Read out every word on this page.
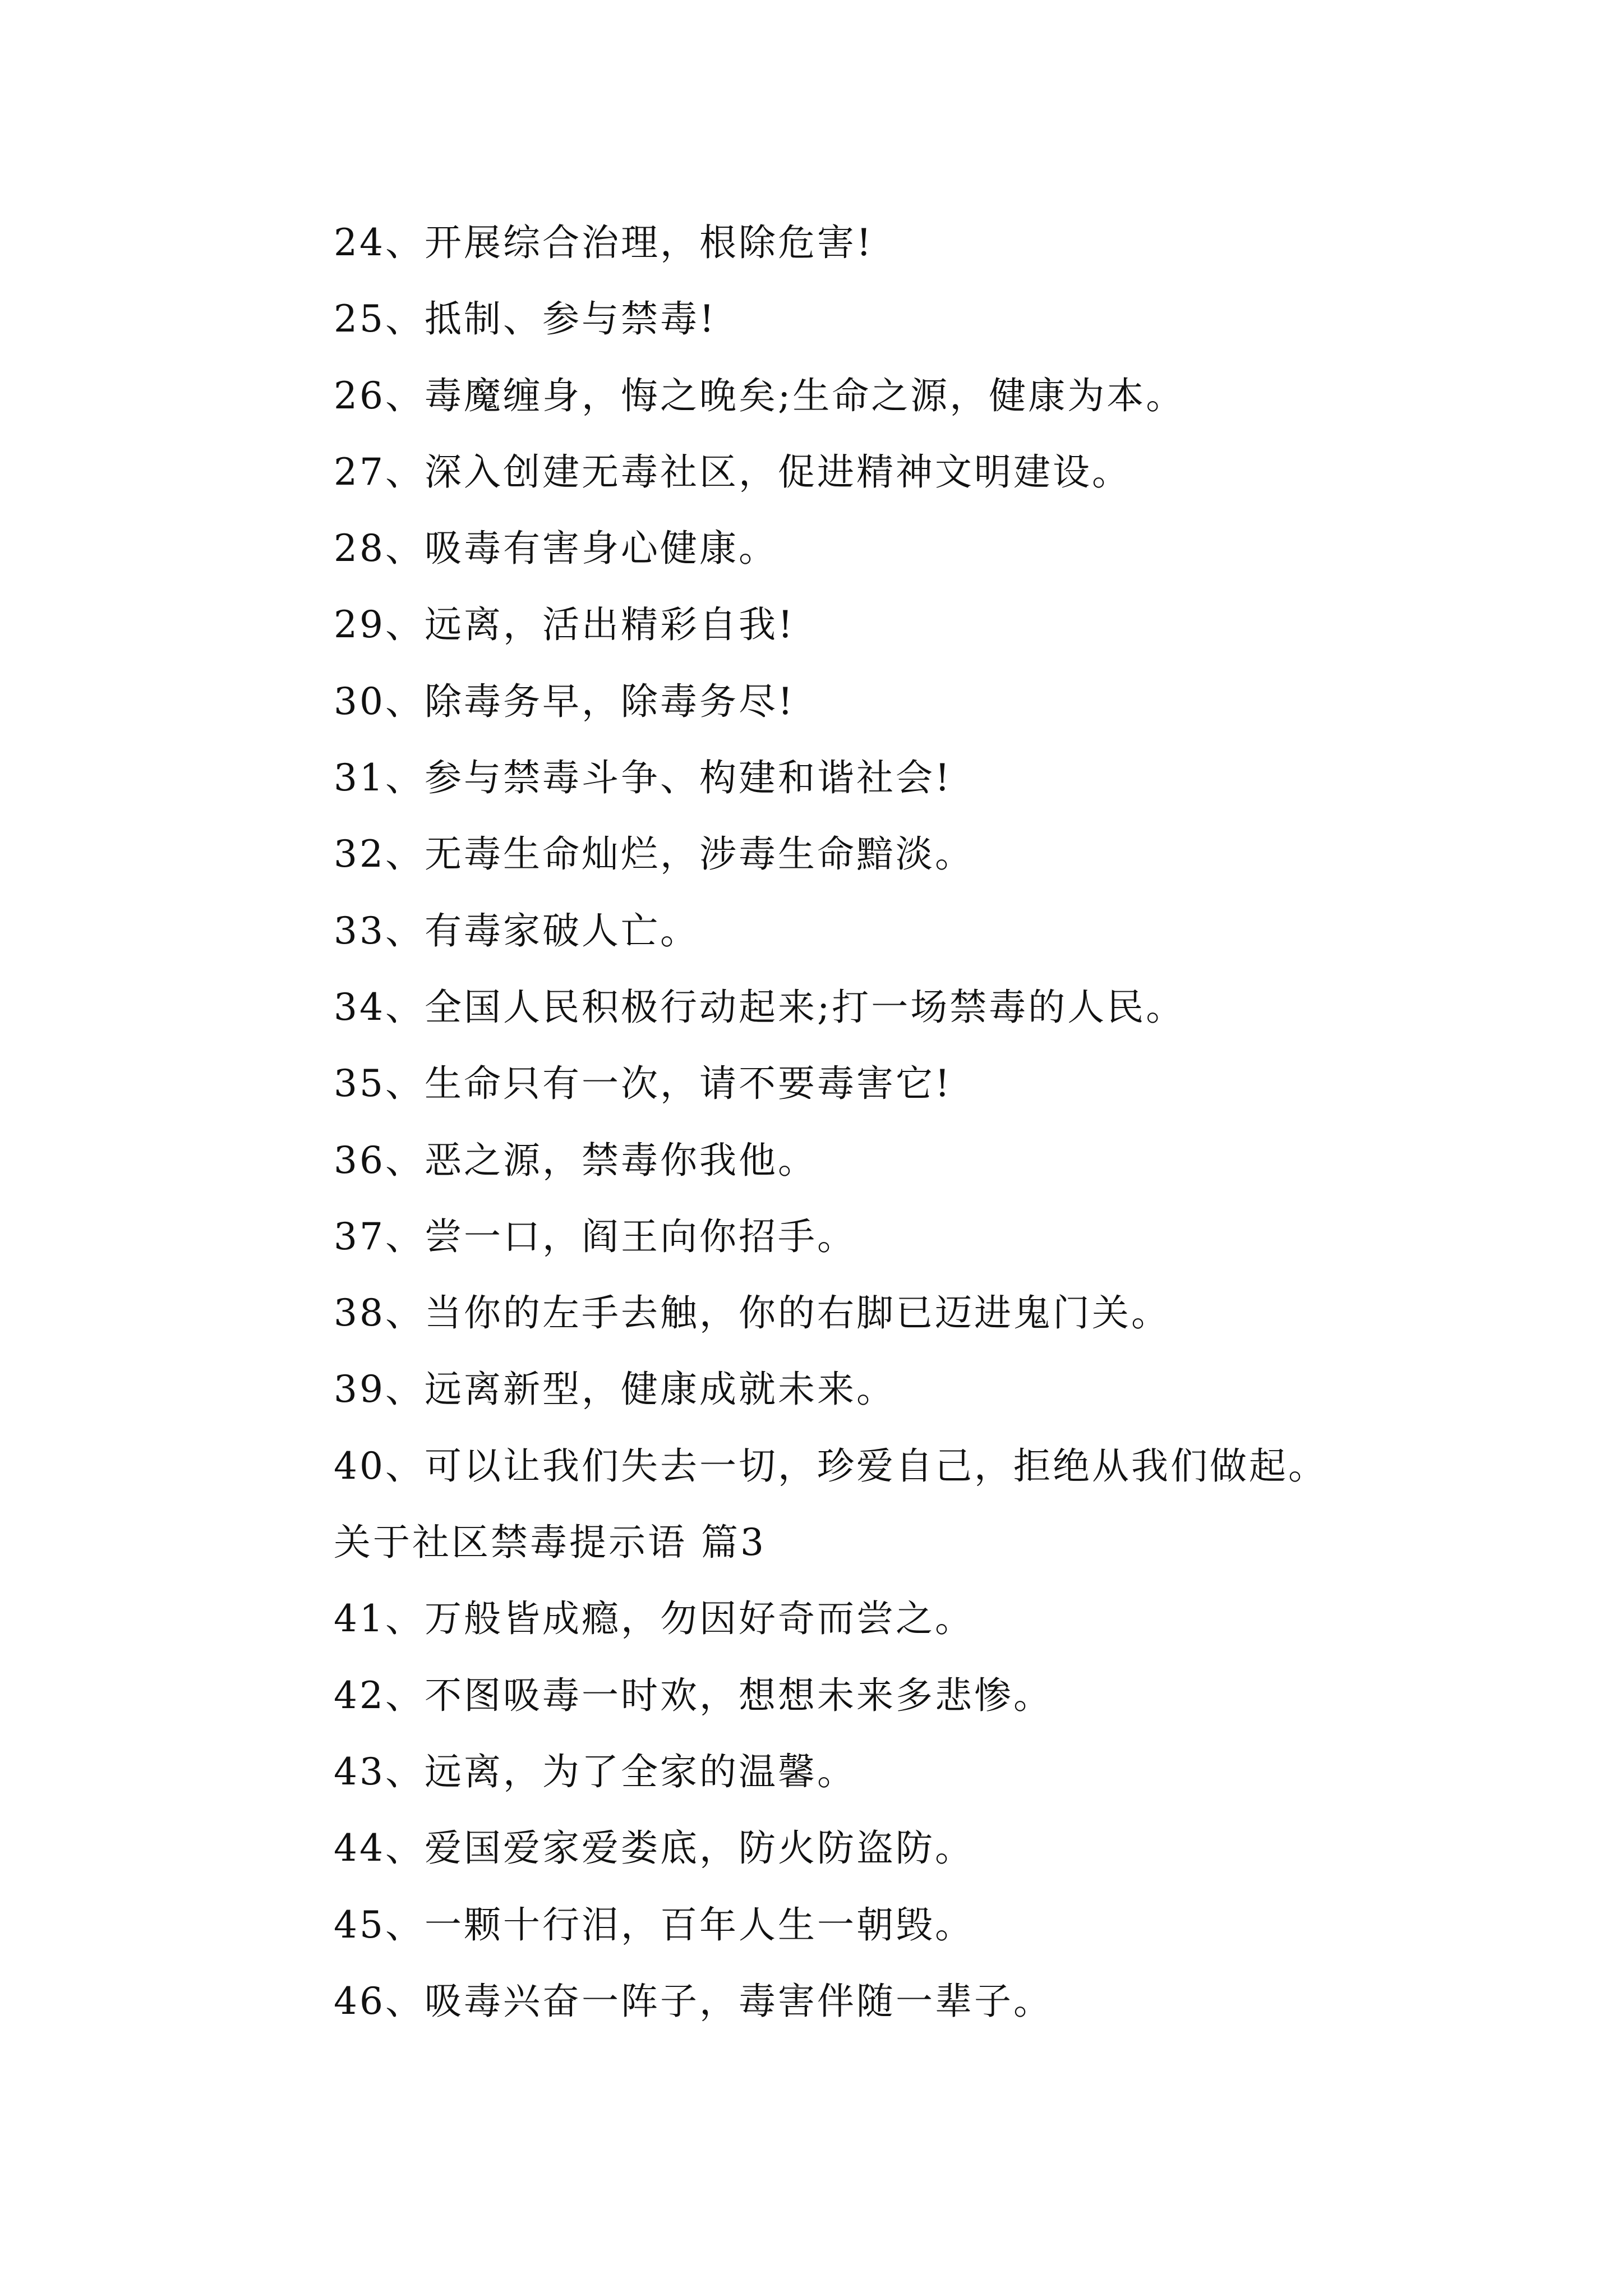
24、开展综合治理，根除危害!
25、抵制、参与禁毒!
26、毒魔缠身，悔之晚矣;生命之源，健康为本。
27、深入创建无毒社区，促进精神文明建设。
28、吸毒有害身心健康。
29、远离，活出精彩自我!
30、除毒务早，除毒务尽!
31、参与禁毒斗争、构建和谐社会!
32、无毒生命灿烂，涉毒生命黯淡。
33、有毒家破人亡。
34、全国人民积极行动起来;打一场禁毒的人民。
35、生命只有一次，请不要毒害它!
36、恶之源，禁毒你我他。
37、尝一口，阎王向你招手。
38、当你的左手去触，你的右脚已迈进鬼门关。
39、远离新型，健康成就未来。
40、可以让我们失去一切，珍爱自己，拒绝从我们做起。
关于社区禁毒提示语 篇3
41、万般皆成瘾，勿因好奇而尝之。
42、不图吸毒一时欢，想想未来多悲惨。
43、远离，为了全家的温馨。
44、爱国爱家爱娄底，防火防盗防。
45、一颗十行泪，百年人生一朝毁。
46、吸毒兴奋一阵子，毒害伴随一辈子。
